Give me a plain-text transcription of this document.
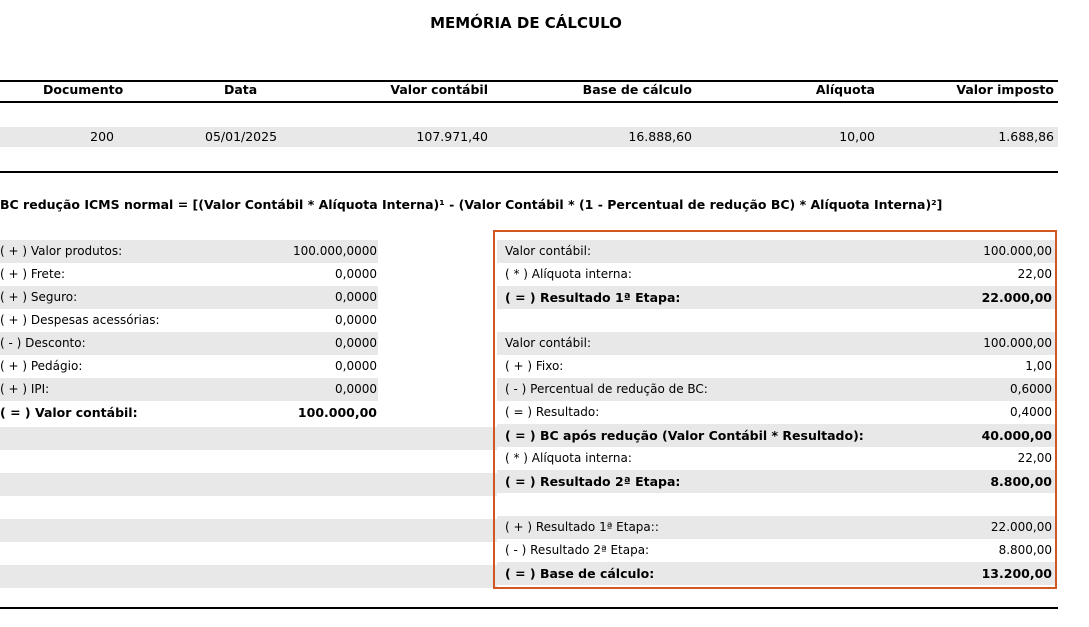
MEMÓRIA DE CÁLCULO
Documento	Data	Valor contábil	Base de cálculo	Alíquota	Valor imposto
200	05/01/2025	107.971,40	16.888,60	10,00	1.688,86
BC redução ICMS normal = [(Valor Contábil * Alíquota Interna)¹ - (Valor Contábil * (1 - Percentual de redução BC) * Alíquota Interna)²]
( + ) Valor produtos:	100.000,0000
( + ) Frete:	0,0000
( + ) Seguro:	0,0000
( + ) Despesas acessórias:	0,0000
( - ) Desconto:	0,0000
( + ) Pedágio:	0,0000
( + ) IPI:	0,0000
( = ) Valor contábil:	100.000,00
Valor contábil:	100.000,00
( * ) Alíquota interna:	22,00
( = ) Resultado 1ª Etapa:	22.000,00
Valor contábil:	100.000,00
( + ) Fixo:	1,00
( - ) Percentual de redução de BC:	0,6000
( = ) Resultado:	0,4000
( = ) BC após redução (Valor Contábil * Resultado):	40.000,00
( * ) Alíquota interna:	22,00
( = ) Resultado 2ª Etapa:	8.800,00
( + ) Resultado 1ª Etapa::	22.000,00
( - ) Resultado 2ª Etapa:	8.800,00
( = ) Base de cálculo:	13.200,00
